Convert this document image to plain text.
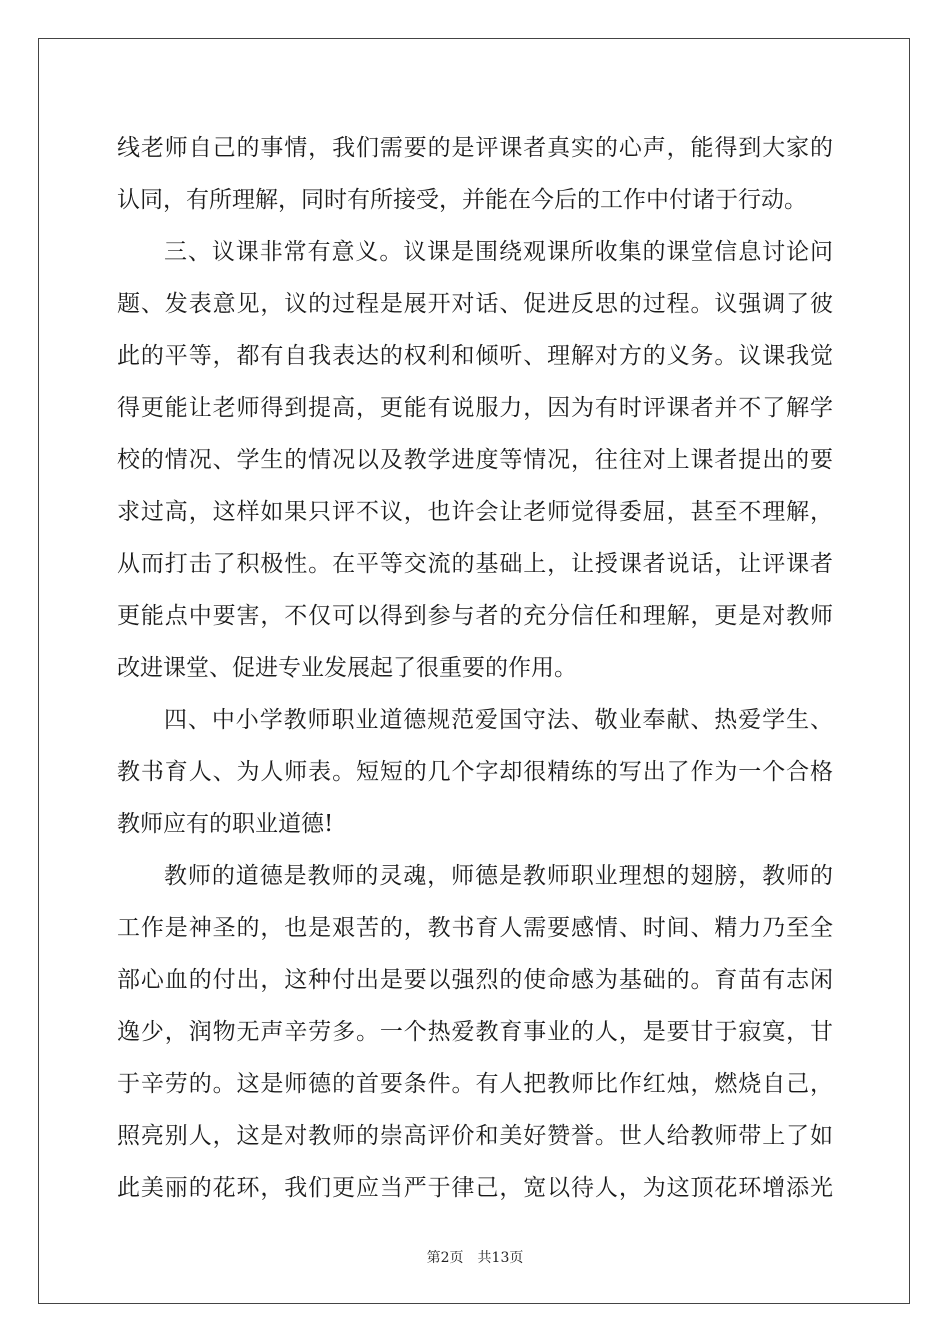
线老师自己的事情，我们需要的是评课者真实的心声，能得到大家的
认同，有所理解，同时有所接受，并能在今后的工作中付诸于行动。
三、议课非常有意义。议课是围绕观课所收集的课堂信息讨论问
题、发表意见，议的过程是展开对话、促进反思的过程。议强调了彼
此的平等，都有自我表达的权利和倾听、理解对方的义务。议课我觉
得更能让老师得到提高，更能有说服力，因为有时评课者并不了解学
校的情况、学生的情况以及教学进度等情况，往往对上课者提出的要
求过高，这样如果只评不议，也许会让老师觉得委屈，甚至不理解，
从而打击了积极性。在平等交流的基础上，让授课者说话，让评课者
更能点中要害，不仅可以得到参与者的充分信任和理解，更是对教师
改进课堂、促进专业发展起了很重要的作用。
四、中小学教师职业道德规范爱国守法、敬业奉献、热爱学生、
教书育人、为人师表。短短的几个字却很精练的写出了作为一个合格
教师应有的职业道德!
教师的道德是教师的灵魂，师德是教师职业理想的翅膀，教师的
工作是神圣的，也是艰苦的，教书育人需要感情、时间、精力乃至全
部心血的付出，这种付出是要以强烈的使命感为基础的。育苗有志闲
逸少，润物无声辛劳多。一个热爱教育事业的人，是要甘于寂寞，甘
于辛劳的。这是师德的首要条件。有人把教师比作红烛，燃烧自己，
照亮别人，这是对教师的崇高评价和美好赞誉。世人给教师带上了如
此美丽的花环，我们更应当严于律己，宽以待人，为这顶花环增添光
第2页 共13页
